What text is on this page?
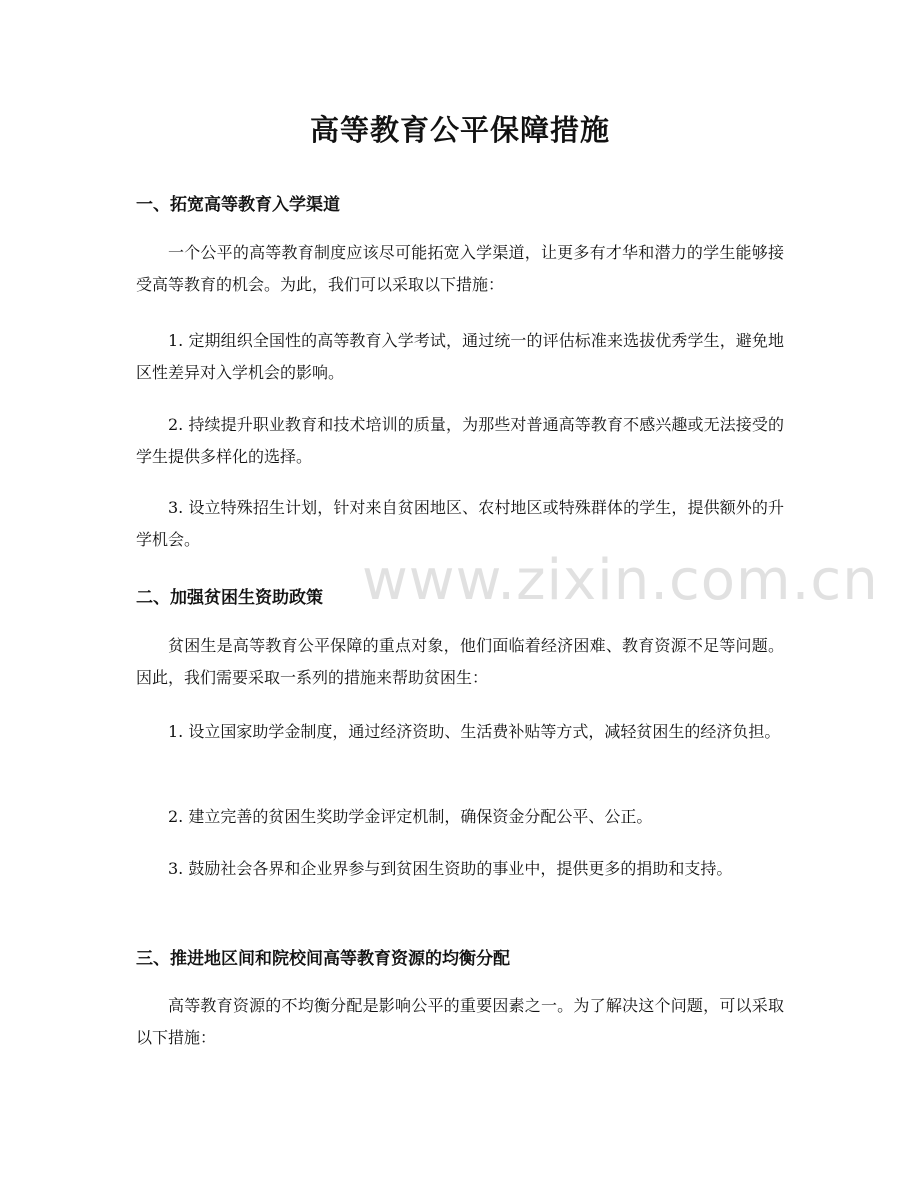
高等教育公平保障措施
一、拓宽高等教育入学渠道

一个公平的高等教育制度应该尽可能拓宽入学渠道，让更多有才华和潜力的学生能够接受高等教育的机会。为此，我们可以采取以下措施：

1. 定期组织全国性的高等教育入学考试，通过统一的评估标准来选拔优秀学生，避免地区性差异对入学机会的影响。

2. 持续提升职业教育和技术培训的质量，为那些对普通高等教育不感兴趣或无法接受的学生提供多样化的选择。

3. 设立特殊招生计划，针对来自贫困地区、农村地区或特殊群体的学生，提供额外的升学机会。

二、加强贫困生资助政策

贫困生是高等教育公平保障的重点对象，他们面临着经济困难、教育资源不足等问题。因此，我们需要采取一系列的措施来帮助贫困生：

1. 设立国家助学金制度，通过经济资助、生活费补贴等方式，减轻贫困生的经济负担。

2. 建立完善的贫困生奖助学金评定机制，确保资金分配公平、公正。

3. 鼓励社会各界和企业界参与到贫困生资助的事业中，提供更多的捐助和支持。

三、推进地区间和院校间高等教育资源的均衡分配

高等教育资源的不均衡分配是影响公平的重要因素之一。为了解决这个问题，可以采取以下措施：

www.zixin.com.cn
